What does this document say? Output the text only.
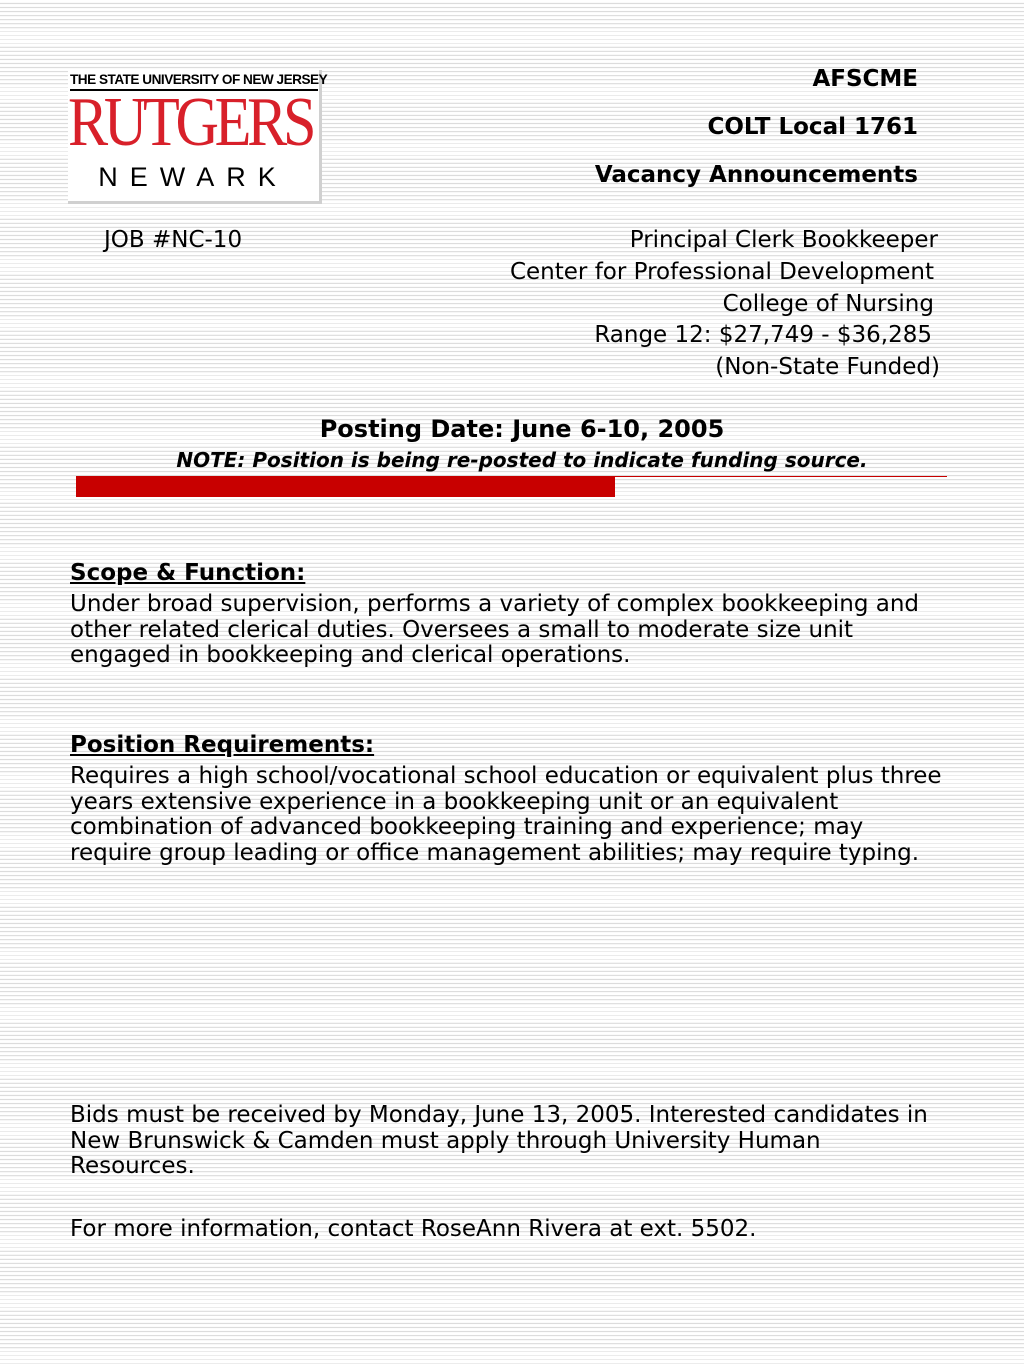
THE STATE UNIVERSITY OF NEW JERSEY
RUTGERS
NEWARK
AFSCME
COLT Local 1761
Vacancy Announcements
JOB #NC-10	Principal Clerk Bookkeeper
Center for Professional Development
College of Nursing
Range 12: $27,749 - $36,285
(Non-State Funded)
Posting Date: June 6-10, 2005
NOTE: Position is being re-posted to indicate funding source.
Scope & Function:
Under broad supervision, performs a variety of complex bookkeeping and other related clerical duties. Oversees a small to moderate size unit engaged in bookkeeping and clerical operations.
Position Requirements:
Requires a high school/vocational school education or equivalent plus three years extensive experience in a bookkeeping unit or an equivalent combination of advanced bookkeeping training and experience; may require group leading or office management abilities; may require typing.
Bids must be received by Monday, June 13, 2005. Interested candidates in New Brunswick & Camden must apply through University Human Resources.
For more information, contact RoseAnn Rivera at ext. 5502.
